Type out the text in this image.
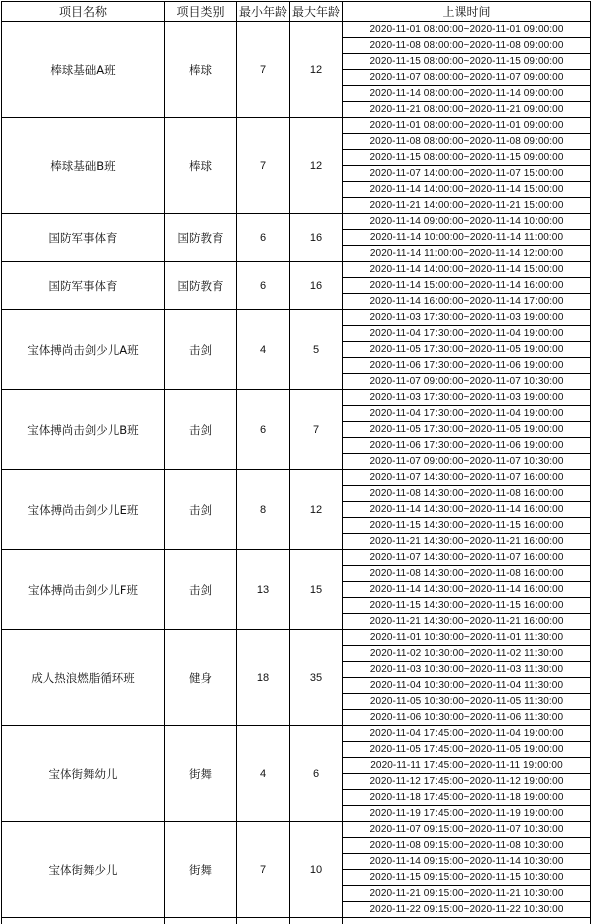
项目名称	项目类别	最小年龄	最大年龄	上课时间
棒球基础A班	棒球	7	12	2020-11-01 08:00:00~2020-11-01 09:00:00
				2020-11-08 08:00:00~2020-11-08 09:00:00
				2020-11-15 08:00:00~2020-11-15 09:00:00
				2020-11-07 08:00:00~2020-11-07 09:00:00
				2020-11-14 08:00:00~2020-11-14 09:00:00
				2020-11-21 08:00:00~2020-11-21 09:00:00
棒球基础B班	棒球	7	12	2020-11-01 08:00:00~2020-11-01 09:00:00
				2020-11-08 08:00:00~2020-11-08 09:00:00
				2020-11-15 08:00:00~2020-11-15 09:00:00
				2020-11-07 14:00:00~2020-11-07 15:00:00
				2020-11-14 14:00:00~2020-11-14 15:00:00
				2020-11-21 14:00:00~2020-11-21 15:00:00
国防军事体育	国防教育	6	16	2020-11-14 09:00:00~2020-11-14 10:00:00
				2020-11-14 10:00:00~2020-11-14 11:00:00
				2020-11-14 11:00:00~2020-11-14 12:00:00
国防军事体育	国防教育	6	16	2020-11-14 14:00:00~2020-11-14 15:00:00
				2020-11-14 15:00:00~2020-11-14 16:00:00
				2020-11-14 16:00:00~2020-11-14 17:00:00
宝体搏尚击剑少儿A班	击剑	4	5	2020-11-03 17:30:00~2020-11-03 19:00:00
				2020-11-04 17:30:00~2020-11-04 19:00:00
				2020-11-05 17:30:00~2020-11-05 19:00:00
				2020-11-06 17:30:00~2020-11-06 19:00:00
				2020-11-07 09:00:00~2020-11-07 10:30:00
宝体搏尚击剑少儿B班	击剑	6	7	2020-11-03 17:30:00~2020-11-03 19:00:00
				2020-11-04 17:30:00~2020-11-04 19:00:00
				2020-11-05 17:30:00~2020-11-05 19:00:00
				2020-11-06 17:30:00~2020-11-06 19:00:00
				2020-11-07 09:00:00~2020-11-07 10:30:00
宝体搏尚击剑少儿E班	击剑	8	12	2020-11-07 14:30:00~2020-11-07 16:00:00
				2020-11-08 14:30:00~2020-11-08 16:00:00
				2020-11-14 14:30:00~2020-11-14 16:00:00
				2020-11-15 14:30:00~2020-11-15 16:00:00
				2020-11-21 14:30:00~2020-11-21 16:00:00
宝体搏尚击剑少儿F班	击剑	13	15	2020-11-07 14:30:00~2020-11-07 16:00:00
				2020-11-08 14:30:00~2020-11-08 16:00:00
				2020-11-14 14:30:00~2020-11-14 16:00:00
				2020-11-15 14:30:00~2020-11-15 16:00:00
				2020-11-21 14:30:00~2020-11-21 16:00:00
成人热浪燃脂循环班	健身	18	35	2020-11-01 10:30:00~2020-11-01 11:30:00
				2020-11-02 10:30:00~2020-11-02 11:30:00
				2020-11-03 10:30:00~2020-11-03 11:30:00
				2020-11-04 10:30:00~2020-11-04 11:30:00
				2020-11-05 10:30:00~2020-11-05 11:30:00
				2020-11-06 10:30:00~2020-11-06 11:30:00
宝体街舞幼儿	街舞	4	6	2020-11-04 17:45:00~2020-11-04 19:00:00
				2020-11-05 17:45:00~2020-11-05 19:00:00
				2020-11-11 17:45:00~2020-11-11 19:00:00
				2020-11-12 17:45:00~2020-11-12 19:00:00
				2020-11-18 17:45:00~2020-11-18 19:00:00
				2020-11-19 17:45:00~2020-11-19 19:00:00
宝体街舞少儿	街舞	7	10	2020-11-07 09:15:00~2020-11-07 10:30:00
				2020-11-08 09:15:00~2020-11-08 10:30:00
				2020-11-14 09:15:00~2020-11-14 10:30:00
				2020-11-15 09:15:00~2020-11-15 10:30:00
				2020-11-21 09:15:00~2020-11-21 10:30:00
				2020-11-22 09:15:00~2020-11-22 10:30:00
